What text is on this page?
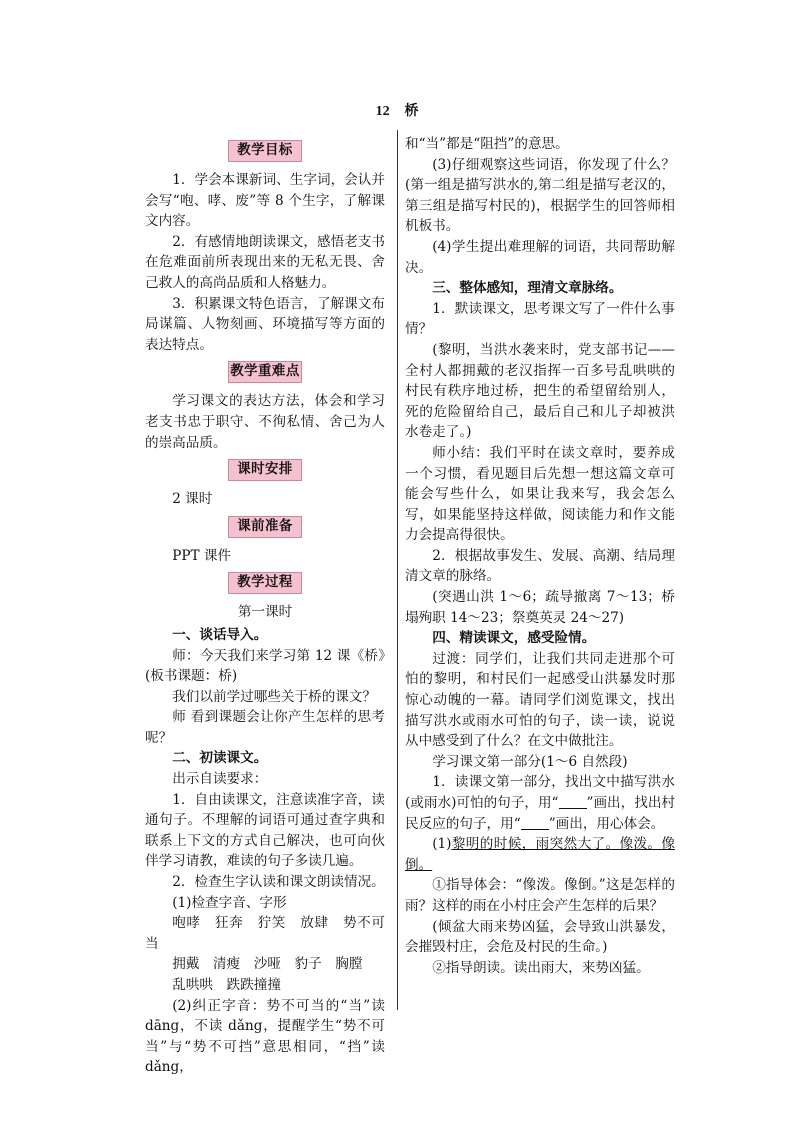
12 桥
教学目标

1．学会本课新词、生字词，会认并会写“咆、哮、废”等 8 个生字，了解课文内容。

2．有感情地朗读课文，感悟老支书在危难面前所表现出来的无私无畏、舍己救人的高尚品质和人格魅力。

3．积累课文特色语言，了解课文布局谋篇、人物刻画、环境描写等方面的表达特点。

教学重难点

学习课文的表达方法，体会和学习老支书忠于职守、不徇私情、舍己为人的崇高品质。

课时安排

2 课时

课前准备

PPT 课件

教学过程

第一课时

一、谈话导入。

师：今天我们来学习第 12 课《桥》(板书课题：桥)

我们以前学过哪些关于桥的课文？

师 看到课题会让你产生怎样的思考呢？

二、初读课文。

出示自读要求：

1．自由读课文，注意读准字音，读通句子。不理解的词语可通过查字典和联系上下文的方式自己解决，也可向伙伴学习请教，难读的句子多读几遍。

2．检查生字认读和课文朗读情况。

(1)检查字音、字形

咆哮　狂奔　狞笑　放肆　势不可当

拥戴　清瘦　沙哑　豹子　胸膛

乱哄哄　跌跌撞撞

(2)纠正字音：势不可当的“当”读 dāng，不读 dǎng，提醒学生“势不可当”与“势不可挡”意思相同，“挡”读 dǎng，

和“当”都是“阻挡”的意思。

(3)仔细观察这些词语，你发现了什么？(第一组是描写洪水的,第二组是描写老汉的，第三组是描写村民的)，根据学生的回答师相机板书。

(4)学生提出难理解的词语，共同帮助解决。

三、整体感知，理清文章脉络。

1．默读课文，思考课文写了一件什么事情？

(黎明，当洪水袭来时，党支部书记——全村人都拥戴的老汉指挥一百多号乱哄哄的村民有秩序地过桥，把生的希望留给别人，死的危险留给自己，最后自己和儿子却被洪水卷走了。)

师小结：我们平时在读文章时，要养成一个习惯，看见题目后先想一想这篇文章可能会写些什么，如果让我来写，我会怎么写，如果能坚持这样做，阅读能力和作文能力会提高得很快。

2．根据故事发生、发展、高潮、结局理清文章的脉络。

(突遇山洪 1～6；疏导撤离 7～13；桥塌殉职 14～23；祭奠英灵 24～27)

四、精读课文，感受险情。

过渡：同学们，让我们共同走进那个可怕的黎明，和村民们一起感受山洪暴发时那惊心动魄的一幕。请同学们浏览课文，找出描写洪水或雨水可怕的句子，读一读，说说从中感受到了什么？在文中做批注。

学习课文第一部分(1～6 自然段)

1．读课文第一部分，找出文中描写洪水(或雨水)可怕的句子，用“ ”画出，找出村民反应的句子，用“ ”画出，用心体会。

(1)黎明的时候，雨突然大了。像泼。像倒。

①指导体会：“像泼。像倒。”这是怎样的雨？这样的雨在小村庄会产生怎样的后果？

(倾盆大雨来势凶猛，会导致山洪暴发，会摧毁村庄，会危及村民的生命。)

②指导朗读。读出雨大，来势凶猛。
